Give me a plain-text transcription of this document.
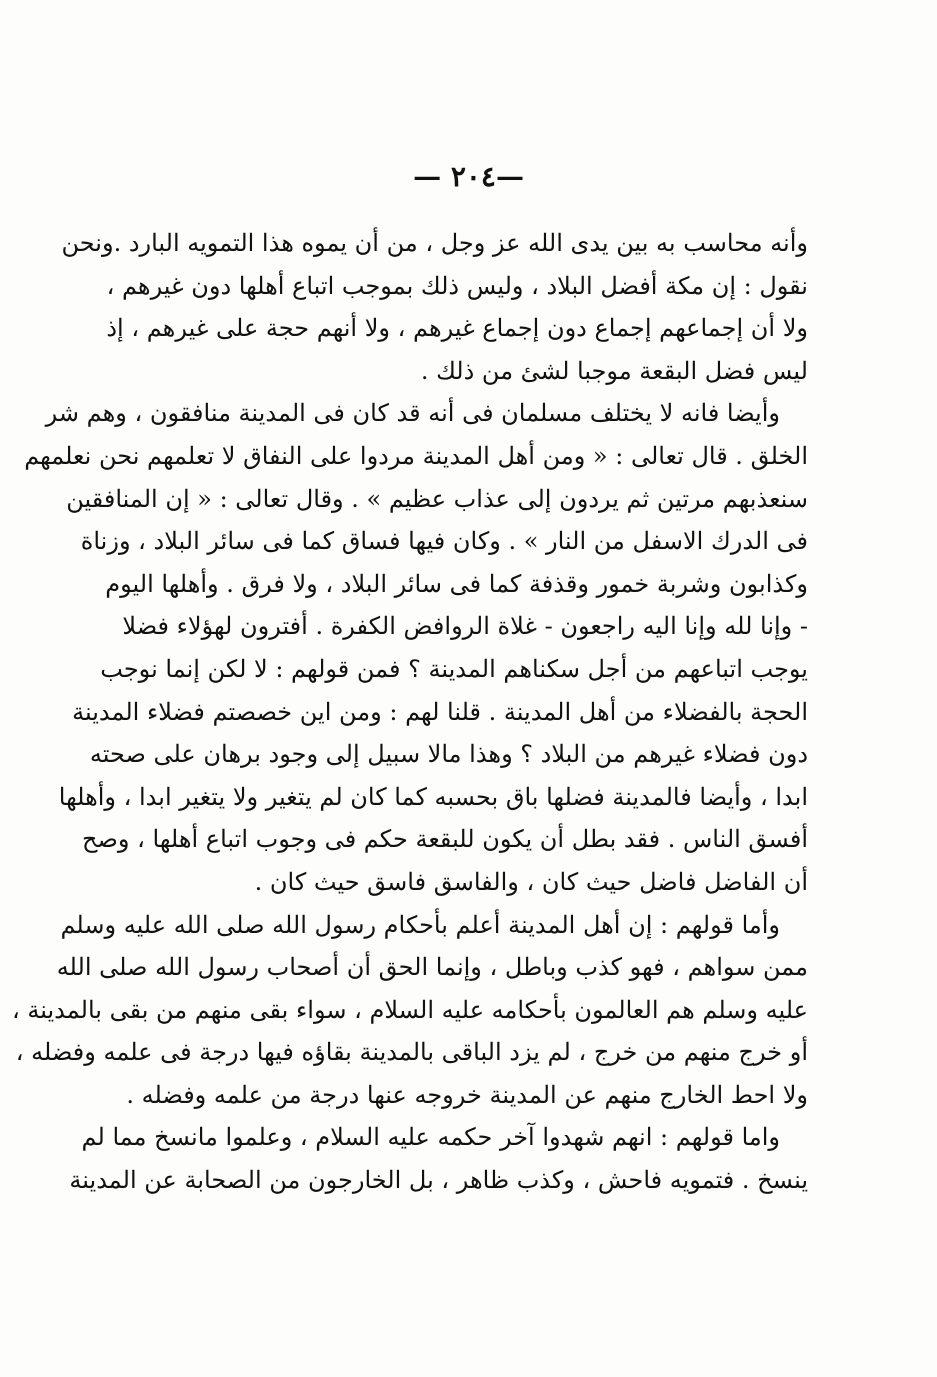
—٢٠٤ —
وأنه محاسب به بين يدى الله عز وجل ، من أن يموه هذا التمويه البارد .ونحن
نقول : إن مكة أفضل البلاد ، وليس ذلك بموجب اتباع أهلها دون غيرهم ،
ولا أن إجماعهم إجماع دون إجماع غيرهم ، ولا أنهم حجة على غيرهم ، إذ
ليس فضل البقعة موجبا لشئ من ذلك .
وأيضا فانه لا يختلف مسلمان فى أنه قد كان فى المدينة منافقون ، وهم شر
الخلق . قال تعالى : « ومن أهل المدينة مردوا على النفاق لا تعلمهم نحن نعلمهم
سنعذبهم مرتين ثم يردون إلى عذاب عظيم » . وقال تعالى : « إن المنافقين
فى الدرك الاسفل من النار » . وكان فيها فساق كما فى سائر البلاد ، وزناة
وكذابون وشربة خمور وقذفة كما فى سائر البلاد ، ولا فرق . وأهلها اليوم
- وإنا لله وإنا اليه راجعون - غلاة الروافض الكفرة . أفترون لهؤلاء فضلا
يوجب اتباعهم من أجل سكناهم المدينة ؟ فمن قولهم : لا لكن إنما نوجب
الحجة بالفضلاء من أهل المدينة . قلنا لهم : ومن اين خصصتم فضلاء المدينة
دون فضلاء غيرهم من البلاد ؟ وهذا مالا سبيل إلى وجود برهان على صحته
ابدا ، وأيضا فالمدينة فضلها باق بحسبه كما كان لم يتغير ولا يتغير ابدا ، وأهلها
أفسق الناس . فقد بطل أن يكون للبقعة حكم فى وجوب اتباع أهلها ، وصح
أن الفاضل فاضل حيث كان ، والفاسق فاسق حيث كان .
وأما قولهم : إن أهل المدينة أعلم بأحكام رسول الله صلى الله عليه وسلم
ممن سواهم ، فهو كذب وباطل ، وإنما الحق أن أصحاب رسول الله صلى الله
عليه وسلم هم العالمون بأحكامه عليه السلام ، سواء بقى منهم من بقى بالمدينة ،
أو خرج منهم من خرج ، لم يزد الباقى بالمدينة بقاؤه فيها درجة فى علمه وفضله ،
ولا احط الخارج منهم عن المدينة خروجه عنها درجة من علمه وفضله .
واما قولهم : انهم شهدوا آخر حكمه عليه السلام ، وعلموا مانسخ مما لم
ينسخ . فتمويه فاحش ، وكذب ظاهر ، بل الخارجون من الصحابة عن المدينة
